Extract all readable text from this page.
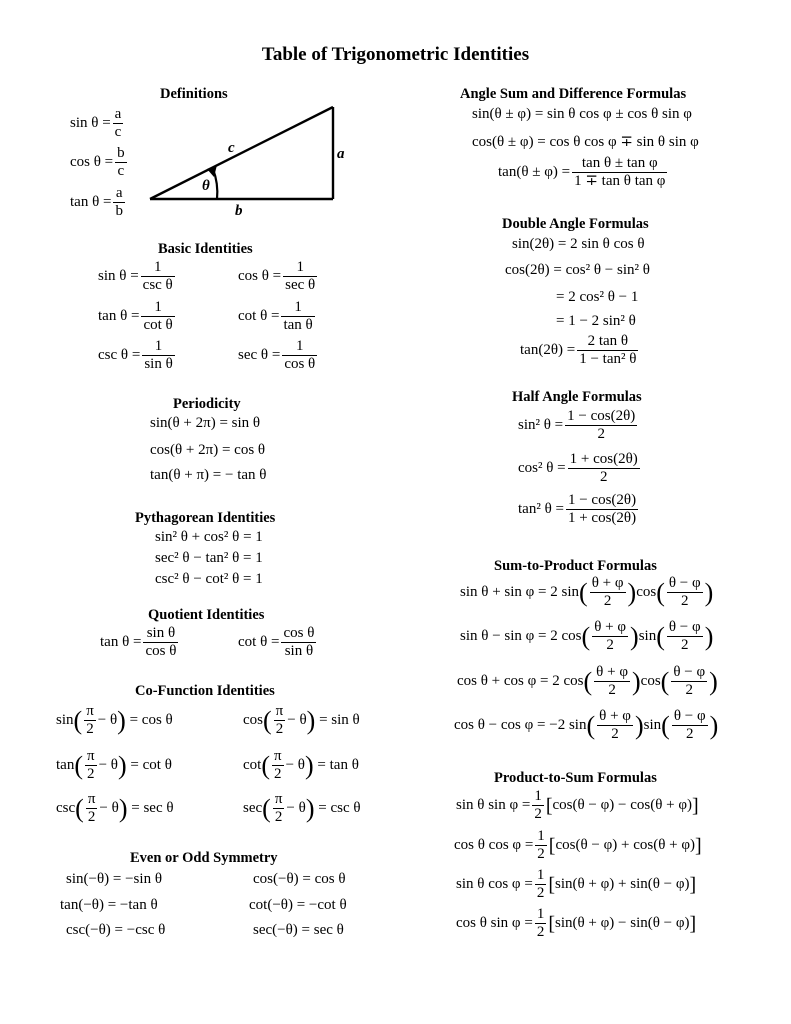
Table of Trigonometric Identities
Definitions
$\sin \theta = \frac{a}{c}$
$\cos \theta = \frac{b}{c}$
$\tan \theta = \frac{a}{b}$
c	a
b
θ
Basic Identities
$\sin \theta = \frac{1}{\text{csc θ}}$	$\cos \theta = \frac{1}{\text{sec θ}}$
$\tan \theta = \frac{1}{\text{cot θ}}$	$\cot \theta = \frac{1}{\text{tan θ}}$
$\csc \theta = \frac{1}{\text{sin θ}}$	$\sec \theta = \frac{1}{\text{cos θ}}$
Periodicity
sin(θ + 2π) = sin θ
cos(θ + 2π) = cos θ
tan(θ + π) = − tan θ
Pythagorean Identities
sin² θ + cos² θ = 1
sec² θ − tan² θ = 1
csc² θ − cot² θ = 1
Quotient Identities
$\tan \theta = \frac{\text{sin θ}}{\text{cos θ}}$	$\cot \theta = \frac{\text{cos θ}}{\text{sin θ}}$
Co-Function Identities
$\sin( \frac{\pi}{2} - \theta) = \cos \theta$	$\cos( \frac{\pi}{2} - \theta) = \sin \theta$
$\tan( \frac{\pi}{2} - \theta) = \cot \theta$	$\cot( \frac{\pi}{2} - \theta) = \tan \theta$
$\csc( \frac{\pi}{2} - \theta) = \sec \theta$	$\sec( \frac{\pi}{2} - \theta) = \csc \theta$
Even or Odd Symmetry
sin(−θ) = −sin θ	cos(−θ) = cos θ
tan(−θ) = −tan θ	cot(−θ) = −cot θ
csc(−θ) = −csc θ	sec(−θ) = sec θ
Angle Sum and Difference Formulas
sin(θ ± φ) = sin θ cos φ ± cos θ sin φ
cos(θ ± φ) = cos θ cos φ ∓ sin θ sin φ
$\tan(\theta \pm \varphi) = \frac{\text{tan θ ± tan φ}}{\text{1 ∓ tan θ tan φ}}$
Double Angle Formulas
sin(2θ) = 2 sin θ cos θ
cos(2θ) = cos² θ − sin² θ
= 2 cos² θ − 1
= 1 − 2 sin² θ
$\tan(2\theta) = \frac{\text{2 tan θ}}{\text{1 − tan² θ}}$
Half Angle Formulas
sin² $\theta = \frac{1 - \cos(2\theta)}{2}$
cos² $\theta = \frac{1 + \cos(2\theta)}{2}$
tan² $\theta = \frac{1 - \cos(2\theta)}{1 + \cos(2\theta)}$
Sum-to-Product Formulas
sin θ + sin φ = 2 $\sin( \frac{\theta + \varphi}{2} )\cos( \frac{\theta - \varphi}{2}$ )
sin θ − sin φ = 2 $\cos( \frac{\theta + \varphi}{2} )\sin( \frac{\theta - \varphi}{2}$ )
cos θ + cos φ = 2 $\cos( \frac{\theta + \varphi}{2} )\cos( \frac{\theta - \varphi}{2}$ )
cos θ − cos φ = −2 $\sin( \frac{\theta + \varphi}{2} )\sin( \frac{\theta - \varphi}{2}$ )
Product-to-Sum Formulas
sin θ $\sin \varphi = \frac{1}{2} [\cos(\theta - \varphi) - \cos(\theta + \varphi)]$
cos θ $\cos \varphi = \frac{1}{2} [\cos(\theta - \varphi) + \cos(\theta + \varphi)]$
sin θ $\cos \varphi = \frac{1}{2} [\sin(\theta + \varphi) + \sin(\theta - \varphi)]$
cos θ $\sin \varphi = \frac{1}{2} [\sin(\theta + \varphi) - \sin(\theta - \varphi)]$
